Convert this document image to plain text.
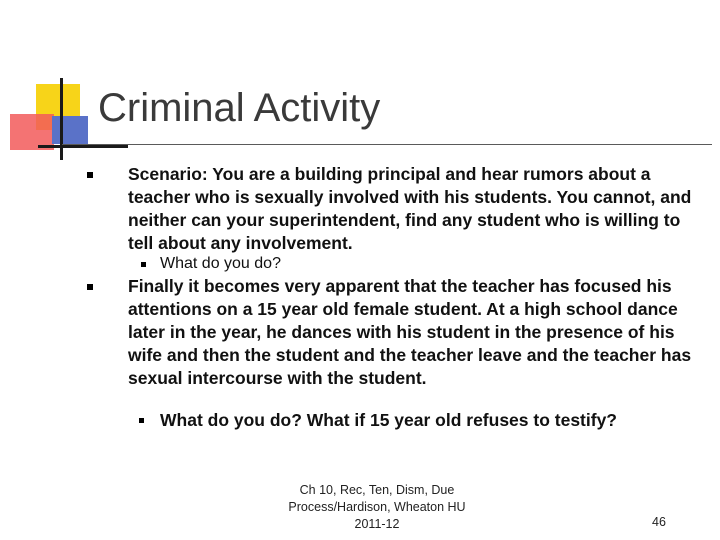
Criminal Activity
Scenario: You are a building principal and hear rumors about a teacher who is sexually involved with his students. You cannot, and neither can your superintendent, find any student who is willing to tell about any involvement.
What do you do?
Finally it becomes very apparent that the teacher has focused his attentions on a 15 year old female student. At a high school dance later in the year, he dances with his student in the presence of his wife and then the student and the teacher leave and the teacher has sexual intercourse with the student.
What do you do? What if 15 year old refuses to testify?
Ch 10, Rec, Ten, Dism, Due
Process/Hardison, Wheaton HU
2011-12	46
